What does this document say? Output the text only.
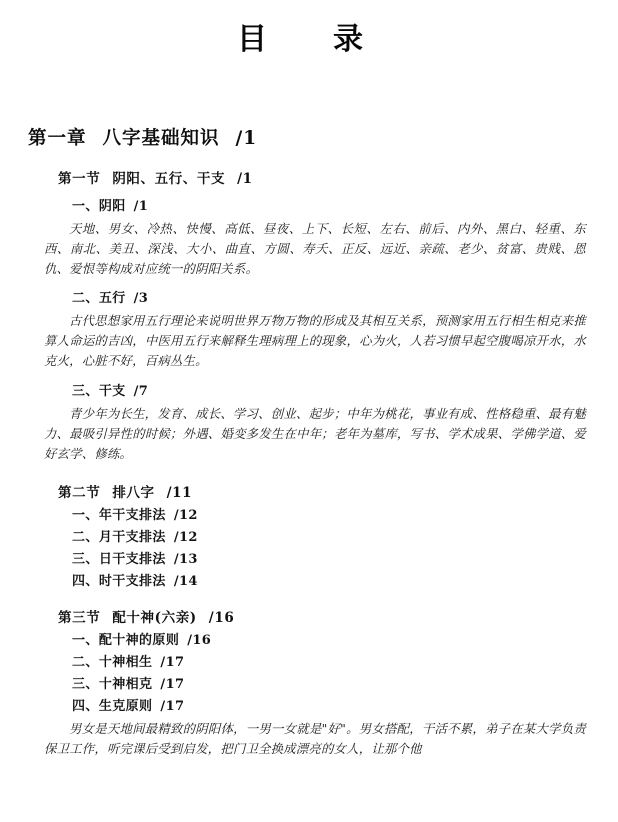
目　录
第一章 八字基础知识 /1
第一节 阴阳、五行、干支 /1
一、阴阳 /1
天地、男女、冷热、快慢、高低、昼夜、上下、长短、左右、前后、内外、黑白、轻重、东西、南北、美丑、深浅、大小、曲直、方圆、寿夭、正反、远近、亲疏、老少、贫富、贵贱、恩仇、爱恨等构成对应统一的阴阳关系。
二、五行 /3
古代思想家用五行理论来说明世界万物万物的形成及其相互关系，预测家用五行相生相克来推算人命运的吉凶，中医用五行来解释生理病理上的现象，心为火，人若习惯早起空腹喝凉开水，水克火，心脏不好，百病丛生。
三、干支 /7
青少年为长生，发育、成长、学习、创业、起步；中年为桃花，事业有成、性格稳重、最有魅力、最吸引异性的时候；外遇、婚变多发生在中年；老年为墓库，写书、学术成果、学佛学道、爱好玄学、修练。
第二节 排八字 /11
一、年干支排法 /12
二、月干支排法 /12
三、日干支排法 /13
四、时干支排法 /14
第三节 配十神(六亲) /16
一、配十神的原则 /16
二、十神相生 /17
三、十神相克 /17
四、生克原则 /17
男女是天地间最精致的阴阳体，一男一女就是"好"。男女搭配，干活不累，弟子在某大学负责保卫工作，听完课后受到启发，把门卫全换成漂亮的女人，让那个他
